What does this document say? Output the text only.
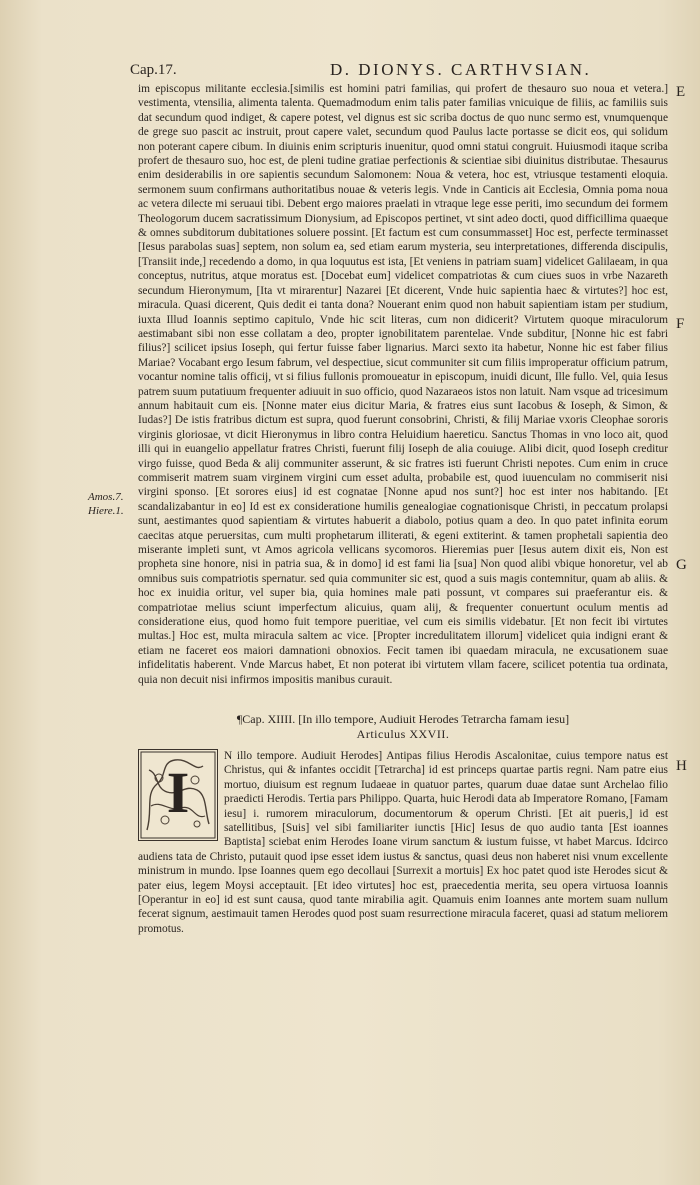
Cap.17.	D. DIONYS. CARTHVSIAN.
E
F
G
H
Amos.7.
Hiere.1.

im episcopus militante ecclesia.[similis est homini patri familias, qui profert de thesauro suo noua et vetera.] vestimenta, vtensilia, alimenta talenta. Quemadmodum enim talis pater familias vnicuique de filiis, ac familiis suis dat secundum quod indiget, & capere potest, vel dignus est sic scriba doctus de quo nunc sermo est, vnumquenque de grege suo pascit ac instruit, prout capere valet, secundum quod Paulus lacte portasse se dicit eos, qui solidum non poterant capere cibum. In diuinis enim scripturis inuenitur, quod omni statui congruit. Huiusmodi itaque scriba profert de thesauro suo, hoc est, de pleni tudine gratiae perfectionis & scientiae sibi diuinitus distributae. Thesaurus enim desiderabilis in ore sapientis secundum Salomonem: Noua & vetera, hoc est, vtriusque testamenti eloquia. sermonem suum confirmans authoritatibus nouae & veteris legis. Vnde in Canticis ait Ecclesia, Omnia poma noua ac vetera dilecte mi seruaui tibi. Debent ergo maiores praelati in vtraque lege esse periti, imo secundum dei formem Theologorum ducem sacratissimum Dionysium, ad Episcopos pertinet, vt sint adeo docti, quod difficillima quaeque & omnes subditorum dubitationes soluere possint. [Et factum est cum consummasset] Hoc est, perfecte terminasset [Iesus parabolas suas] septem, non solum ea, sed etiam earum mysteria, seu interpretationes, differenda discipulis, [Transiit inde,] recedendo a domo, in qua loquutus est ista, [Et veniens in patriam suam] videlicet Galilaeam, in qua conceptus, nutritus, atque moratus est. [Docebat eum] videlicet compatriotas & cum ciues suos in vrbe Nazareth secundum Hieronymum, [Ita vt mirarentur] Nazarei [Et dicerent, Vnde huic sapientia haec & virtutes?] hoc est, miracula. Quasi dicerent, Quis dedit ei tanta dona? Nouerant enim quod non habuit sapientiam istam per studium, iuxta Illud Ioannis septimo capitulo, Vnde hic scit literas, cum non didicerit? Virtutem quoque miraculorum aestimabant sibi non esse collatam a deo, propter ignobilitatem parentelae. Vnde subditur, [Nonne hic est fabri filius?] scilicet ipsius Ioseph, qui fertur fuisse faber lignarius. Marci sexto ita habetur, Nonne hic est faber filius Mariae? Vocabant ergo Iesum fabrum, vel despectiue, sicut communiter sit cum filiis improperatur officium patrum, vocantur nomine talis officij, vt si filius fullonis promoueatur in episcopum, inuidi dicunt, Ille fullo. Vel, quia Iesus patrem suum putatiuum frequenter adiuuit in suo officio, quod Nazaraeos istos non latuit. Nam vsque ad tricesimum annum habitauit cum eis. [Nonne mater eius dicitur Maria, & fratres eius sunt Iacobus & Ioseph, & Simon, & Iudas?] De istis fratribus dictum est supra, quod fuerunt consobrini, Christi, & filij Mariae vxoris Cleophae sororis virginis gloriosae, vt dicit Hieronymus in libro contra Heluidium haereticu. Sanctus Thomas in vno loco ait, quod illi qui in euangelio appellatur fratres Christi, fuerunt filij Ioseph de alia couiuge. Alibi dicit, quod Ioseph creditur virgo fuisse, quod Beda & alij communiter asserunt, & sic fratres isti fuerunt Christi nepotes. Cum enim in cruce commiserit matrem suam virginem virgini cum esset adulta, probabile est, quod iuuenculam no commiserit nisi virgini sponso. [Et sorores eius] id est cognatae [Nonne apud nos sunt?] hoc est inter nos habitando. [Et scandalizabantur in eo] Id est ex consideratione humilis genealogiae cognationisque Christi, in peccatum prolapsi sunt, aestimantes quod sapientiam & virtutes habuerit a diabolo, potius quam a deo. In quo patet infinita eorum caecitas atque peruersitas, cum multi prophetarum illiterati, & egeni extiterint. & tamen prophetali sapientia deo miserante impleti sunt, vt Amos agricola vellicans sycomoros. Hieremias puer [Iesus autem dixit eis, Non est propheta sine honore, nisi in patria sua, & in domo] id est fami lia [sua] Non quod alibi vbique honoretur, vel ab omnibus suis compatriotis spernatur. sed quia communiter sic est, quod a suis magis contemnitur, quam ab aliis. & hoc ex inuidia oritur, vel super bia, quia homines male pati possunt, vt compares sui praeferantur eis. & compatriotae melius sciunt imperfectum alicuius, quam alij, & frequenter conuertunt oculum mentis ad consideratione eius, quod homo fuit tempore pueritiae, vel cum eis similis videbatur. [Et non fecit ibi virtutes multas.] Hoc est, multa miracula saltem ac vice. [Propter incredulitatem illorum] videlicet quia indigni erant & etiam ne faceret eos maiori damnationi obnoxios. Fecit tamen ibi quaedam miracula, ne excusationem suae infidelitatis haberent. Vnde Marcus habet, Et non poterat ibi virtutem vllam facere, scilicet potentia tua ordinata, quia non decuit nisi infirmos impositis manibus curauit.

¶Cap. XIIII. [In illo tempore, Audiuit Herodes Tetrarcha famam iesu]
Articulus XXVII.
I

N illo tempore. Audiuit Herodes] Antipas filius Herodis Ascalonitae, cuius tempore natus est Christus, qui & infantes occidit [Tetrarcha] id est princeps quartae partis regni. Nam patre eius mortuo, diuisum est regnum Iudaeae in quatuor partes, quarum duae datae sunt Archelao filio praedicti Herodis. Tertia pars Philippo. Quarta, huic Herodi data ab Imperatore Romano, [Famam iesu] i. rumorem miraculorum, documentorum & operum Christi. [Et ait pueris,] id est satellitibus, [Suis] vel sibi familiariter iunctis [Hic] Iesus de quo audio tanta [Est ioannes Baptista] sciebat enim Herodes Ioane virum sanctum & iustum fuisse, vt habet Marcus. Idcirco audiens tata de Christo, putauit quod ipse esset idem iustus & sanctus, quasi deus non haberet nisi vnum excellente ministrum in mundo. Ipse Ioannes quem ego decollaui [Surrexit a mortuis] Ex hoc patet quod iste Herodes sicut & pater eius, legem Moysi acceptauit. [Et ideo virtutes] hoc est, praecedentia merita, seu opera virtuosa Ioannis [Operantur in eo] id est sunt causa, quod tante mirabilia agit. Quamuis enim Ioannes ante mortem suam nullum fecerat signum, aestimauit tamen Herodes quod post suam resurrectione miracula faceret, quasi ad statum meliorem promotus.
